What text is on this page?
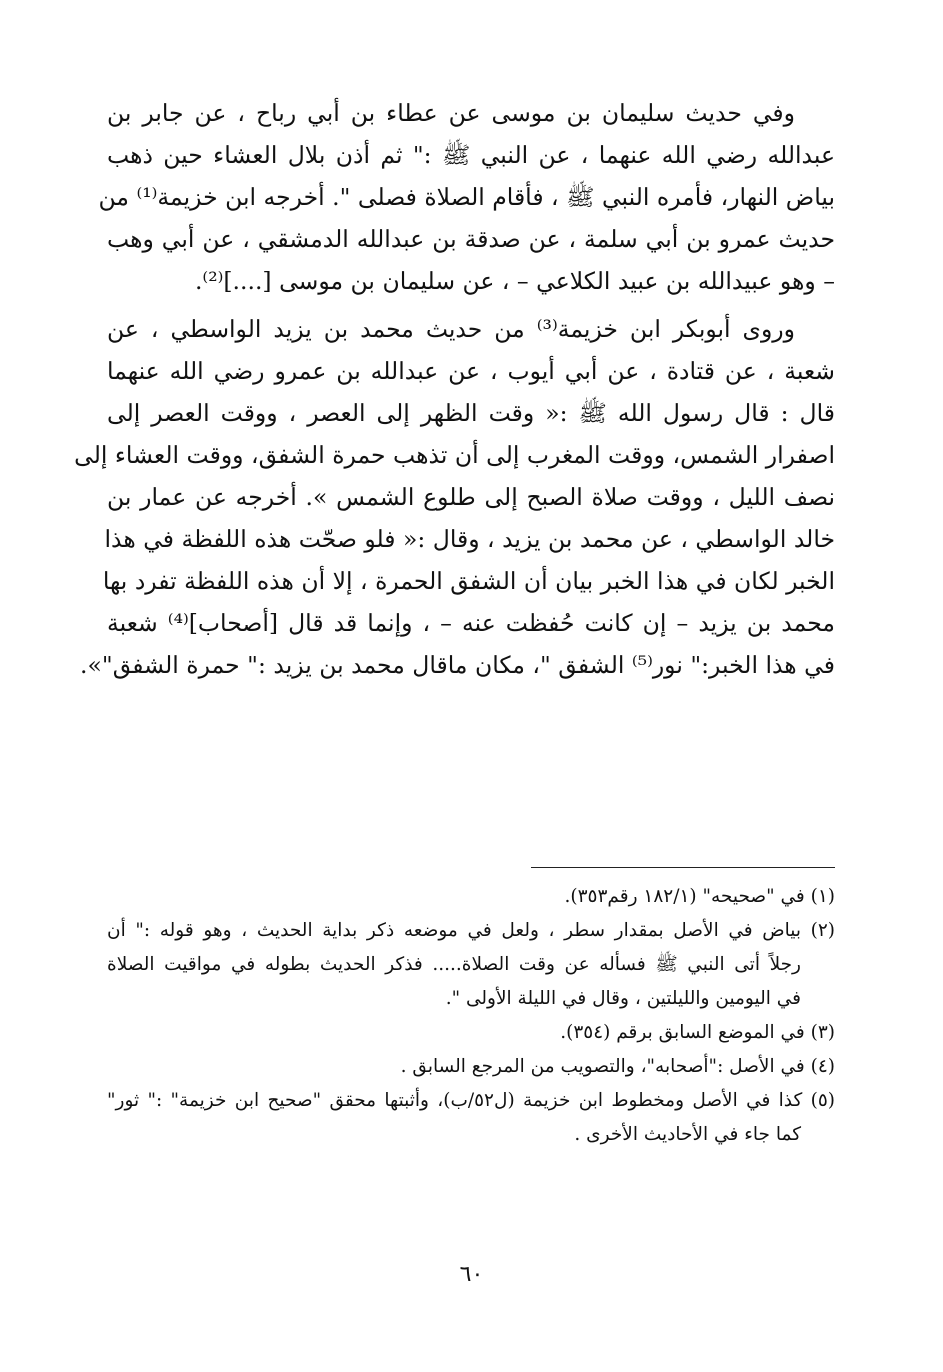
وفي حديث سليمان بن موسى عن عطاء بن أبي رباح ، عن جابر بن
عبدالله رضي الله عنهما ، عن النبي ﷺ :" ثم أذن بلال العشاء حين ذهب
بياض النهار، فأمره النبي ﷺ ، فأقام الصلاة فصلى ". أخرجه ابن خزيمة⁽¹⁾ من
حديث عمرو بن أبي سلمة ، عن صدقة بن عبدالله الدمشقي ، عن أبي وهب
– وهو عبيدالله بن عبيد الكلاعي – ، عن سليمان بن موسى [....]⁽²⁾.
وروى أبوبكر ابن خزيمة⁽³⁾ من حديث محمد بن يزيد الواسطي ، عن
شعبة ، عن قتادة ، عن أبي أيوب ، عن عبدالله بن عمرو رضي الله عنهما
قال : قال رسول الله ﷺ :« وقت الظهر إلى العصر ، ووقت العصر إلى
اصفرار الشمس، ووقت المغرب إلى أن تذهب حمرة الشفق، ووقت العشاء إلى
نصف الليل ، ووقت صلاة الصبح إلى طلوع الشمس ». أخرجه عن عمار بن
خالد الواسطي ، عن محمد بن يزيد ، وقال :« فلو صحّت هذه اللفظة في هذا
الخبر لكان في هذا الخبر بيان أن الشفق الحمرة ، إلا أن هذه اللفظة تفرد بها
محمد بن يزيد – إن كانت حُفظت عنه – ، وإنما قد قال [أصحاب]⁽⁴⁾ شعبة
في هذا الخبر:" نور⁽⁵⁾ الشفق "، مكان ماقال محمد بن يزيد :" حمرة الشفق"».
(١) في "صحيحه" (١٨٢/١ رقم٣٥٣).
(٢) بياض في الأصل بمقدار سطر ، ولعل في موضعه ذكر بداية الحديث ، وهو قوله :" أن
رجلاً أتى النبي ﷺ فسأله عن وقت الصلاة..... فذكر الحديث بطوله في مواقيت الصلاة
في اليومين والليلتين ، وقال في الليلة الأولى ".
(٣) في الموضع السابق برقم (٣٥٤).
(٤) في الأصل :"أصحابه"، والتصويب من المرجع السابق .
(٥) كذا في الأصل ومخطوط ابن خزيمة (ل٥٢/ب)، وأثبتها محقق "صحيح ابن خزيمة" :" ثور"
كما جاء في الأحاديث الأخرى .
٦٠
